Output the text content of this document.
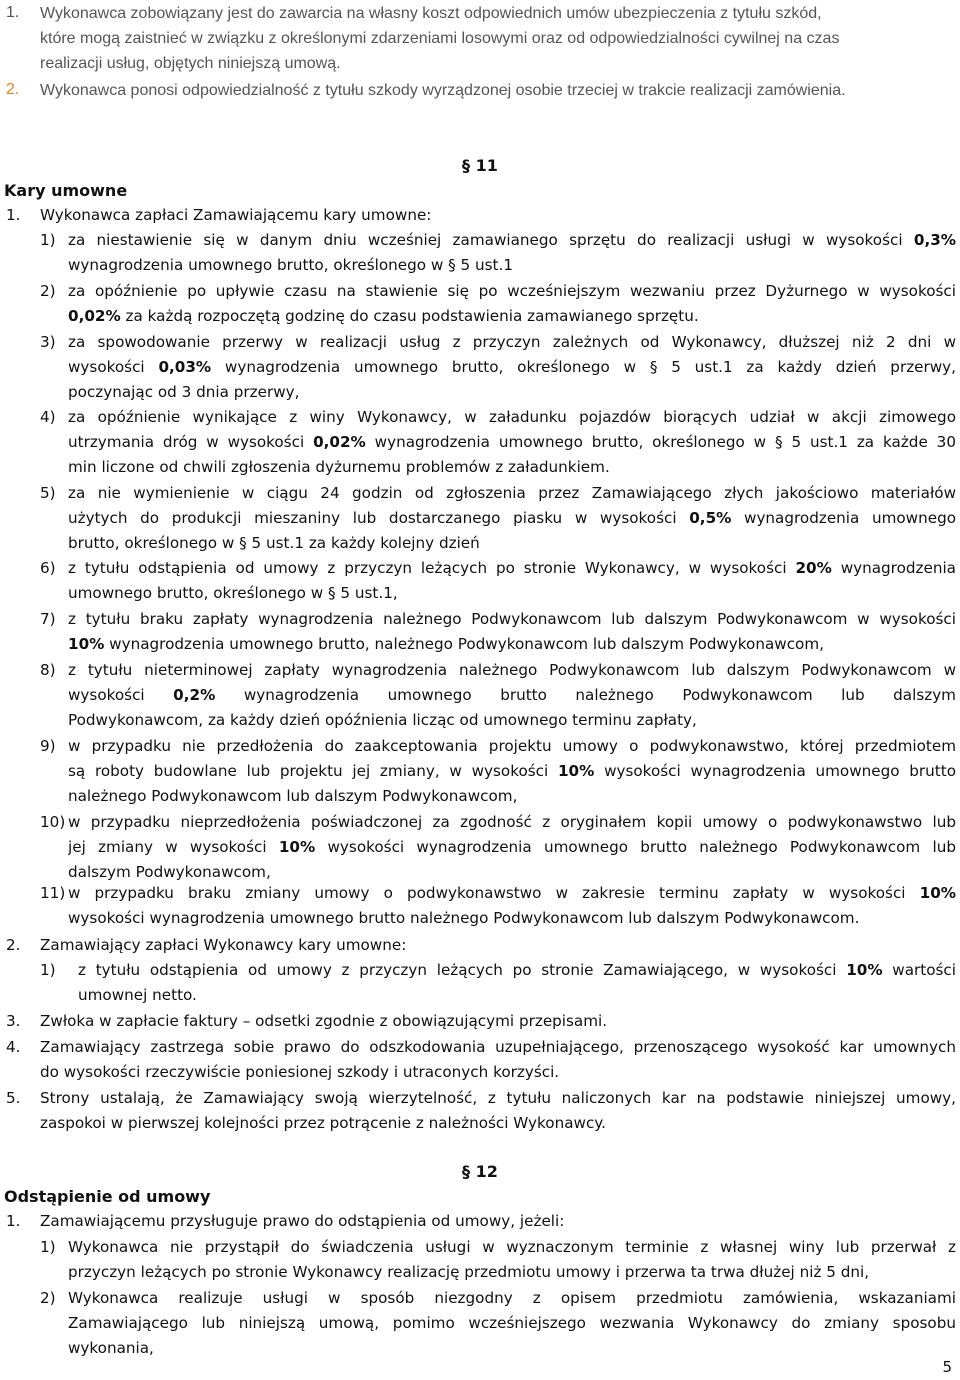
1. Wykonawca zobowiązany jest do zawarcia na własny koszt odpowiednich umów ubezpieczenia z tytułu szkód,
które mogą zaistnieć w związku z określonymi zdarzeniami losowymi oraz od odpowiedzialności cywilnej na czas
realizacji usług, objętych niniejszą umową.
2. Wykonawca ponosi odpowiedzialność z tytułu szkody wyrządzonej osobie trzeciej w trakcie realizacji zamówienia.
§ 11
Kary umowne
1. Wykonawca zapłaci Zamawiającemu kary umowne:
1) za niestawienie się w danym dniu wcześniej zamawianego sprzętu do realizacji usługi w wysokości 0,3%
wynagrodzenia umownego brutto, określonego w § 5 ust.1
2) za opóźnienie po upływie czasu na stawienie się po wcześniejszym wezwaniu przez Dyżurnego w wysokości
0,02% za każdą rozpoczętą godzinę do czasu podstawienia zamawianego sprzętu.
3) za spowodowanie przerwy w realizacji usług z przyczyn zależnych od Wykonawcy, dłuższej niż 2 dni w
wysokości 0,03% wynagrodzenia umownego brutto, określonego w § 5 ust.1 za każdy dzień przerwy,
poczynając od 3 dnia przerwy,
4) za opóźnienie wynikające z winy Wykonawcy, w załadunku pojazdów biorących udział w akcji zimowego
utrzymania dróg w wysokości 0,02% wynagrodzenia umownego brutto, określonego w § 5 ust.1 za każde 30
min liczone od chwili zgłoszenia dyżurnemu problemów z załadunkiem.
5) za nie wymienienie w ciągu 24 godzin od zgłoszenia przez Zamawiającego złych jakościowo materiałów
użytych do produkcji mieszaniny lub dostarczanego piasku w wysokości 0,5% wynagrodzenia umownego
brutto, określonego w § 5 ust.1 za każdy kolejny dzień
6) z tytułu odstąpienia od umowy z przyczyn leżących po stronie Wykonawcy, w wysokości 20% wynagrodzenia
umownego brutto, określonego w § 5 ust.1,
7) z tytułu braku zapłaty wynagrodzenia należnego Podwykonawcom lub dalszym Podwykonawcom w wysokości
10% wynagrodzenia umownego brutto, należnego Podwykonawcom lub dalszym Podwykonawcom,
8) z tytułu nieterminowej zapłaty wynagrodzenia należnego Podwykonawcom lub dalszym Podwykonawcom w
wysokości 0,2% wynagrodzenia umownego brutto należnego Podwykonawcom lub dalszym
Podwykonawcom, za każdy dzień opóźnienia licząc od umownego terminu zapłaty,
9) w przypadku nie przedłożenia do zaakceptowania projektu umowy o podwykonawstwo, której przedmiotem
są roboty budowlane lub projektu jej zmiany, w wysokości 10% wysokości wynagrodzenia umownego brutto
należnego Podwykonawcom lub dalszym Podwykonawcom,
10) w przypadku nieprzedłożenia poświadczonej za zgodność z oryginałem kopii umowy o podwykonawstwo lub
jej zmiany w wysokości 10% wysokości wynagrodzenia umownego brutto należnego Podwykonawcom lub
dalszym Podwykonawcom,
11) w przypadku braku zmiany umowy o podwykonawstwo w zakresie terminu zapłaty w wysokości 10%
wysokości wynagrodzenia umownego brutto należnego Podwykonawcom lub dalszym Podwykonawcom.
2. Zamawiający zapłaci Wykonawcy kary umowne:
1) z tytułu odstąpienia od umowy z przyczyn leżących po stronie Zamawiającego, w wysokości 10% wartości
umownej netto.
3. Zwłoka w zapłacie faktury – odsetki zgodnie z obowiązującymi przepisami.
4. Zamawiający zastrzega sobie prawo do odszkodowania uzupełniającego, przenoszącego wysokość kar umownych
do wysokości rzeczywiście poniesionej szkody i utraconych korzyści.
5. Strony ustalają, że Zamawiający swoją wierzytelność, z tytułu naliczonych kar na podstawie niniejszej umowy,
zaspokoi w pierwszej kolejności przez potrącenie z należności Wykonawcy.
§ 12
Odstąpienie od umowy
1. Zamawiającemu przysługuje prawo do odstąpienia od umowy, jeżeli:
1) Wykonawca nie przystąpił do świadczenia usługi w wyznaczonym terminie z własnej winy lub przerwał z
przyczyn leżących po stronie Wykonawcy realizację przedmiotu umowy i przerwa ta trwa dłużej niż 5 dni,
2) Wykonawca realizuje usługi w sposób niezgodny z opisem przedmiotu zamówienia, wskazaniami
Zamawiającego lub niniejszą umową, pomimo wcześniejszego wezwania Wykonawcy do zmiany sposobu
wykonania,
5
